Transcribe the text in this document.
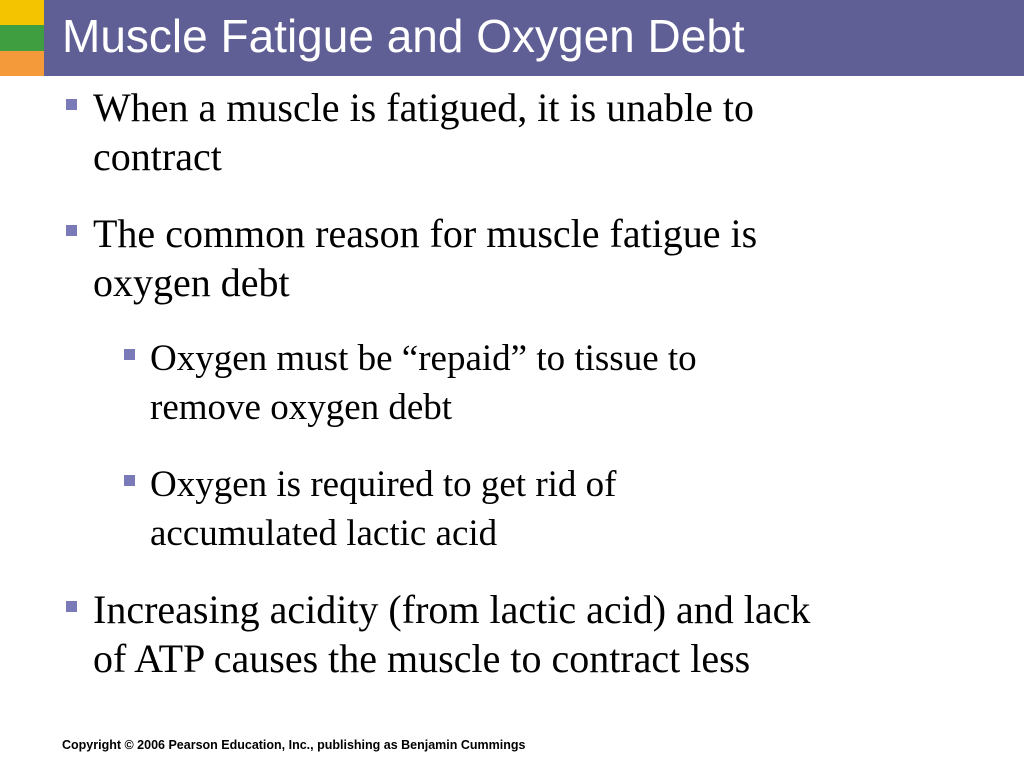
Muscle Fatigue and Oxygen Debt
When a muscle is fatigued, it is unable to
contract
The common reason for muscle fatigue is
oxygen debt
Oxygen must be “repaid” to tissue to
remove oxygen debt
Oxygen is required to get rid of
accumulated lactic acid
Increasing acidity (from lactic acid) and lack
of ATP causes the muscle to contract less
Copyright © 2006 Pearson Education, Inc., publishing as Benjamin Cummings
